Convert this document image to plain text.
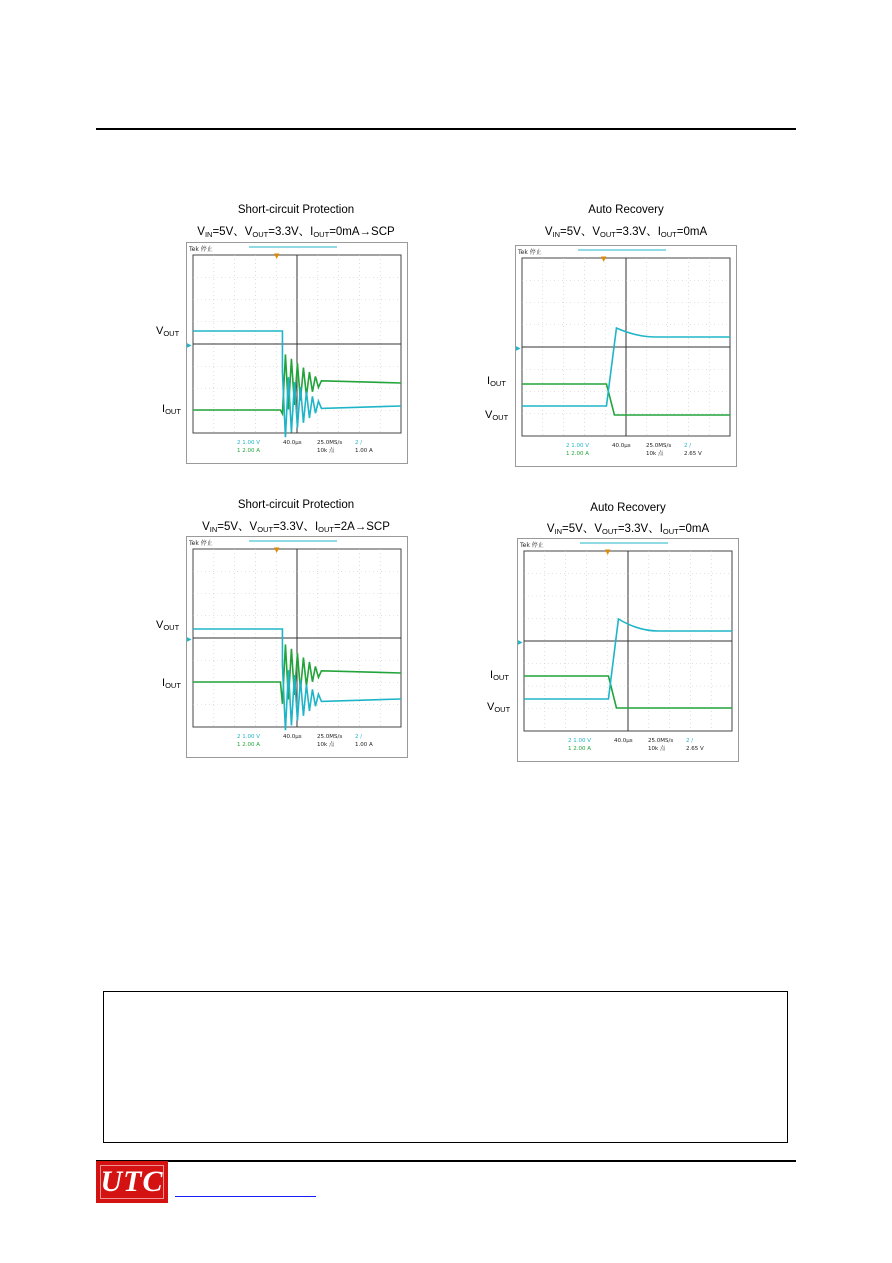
Short-circuit Protection
$V_{IN}=5V$、$V_{OUT}=3.3V$、$I_{OUT}=0mA\to SCP$
Tek 停止
▼
2 1.00 V
1 2.00 A
40.0μs	25.0MS/s
10k 点
2 /
1.00 A
▶
$V_{OUT}$
$I_{OUT}$
Auto Recovery
$V_{IN}=5V$、$V_{OUT}=3.3V$、$I_{OUT}=0mA$
Tek 停止
▼
2 1.00 V
1 2.00 A
40.0μs	25.0MS/s
10k 点
2 /
2.65 V
▶
$I_{OUT}$
$V_{OUT}$
Short-circuit Protection
$V_{IN}=5V$、$V_{OUT}=3.3V$、$I_{OUT}=2A\to SCP$
Tek 停止
▼
2 1.00 V
1 2.00 A
40.0μs	25.0MS/s
10k 点
2 /
1.00 A
▶
$V_{OUT}$
$I_{OUT}$
Auto Recovery
$V_{IN}=5V$、$V_{OUT}=3.3V$、$I_{OUT}=0mA$
Tek 停止
▼
2 1.00 V
1 2.00 A
40.0μs	25.0MS/s
10k 点
2 /
2.65 V
▶
$I_{OUT}$
$V_{OUT}$
UTC
